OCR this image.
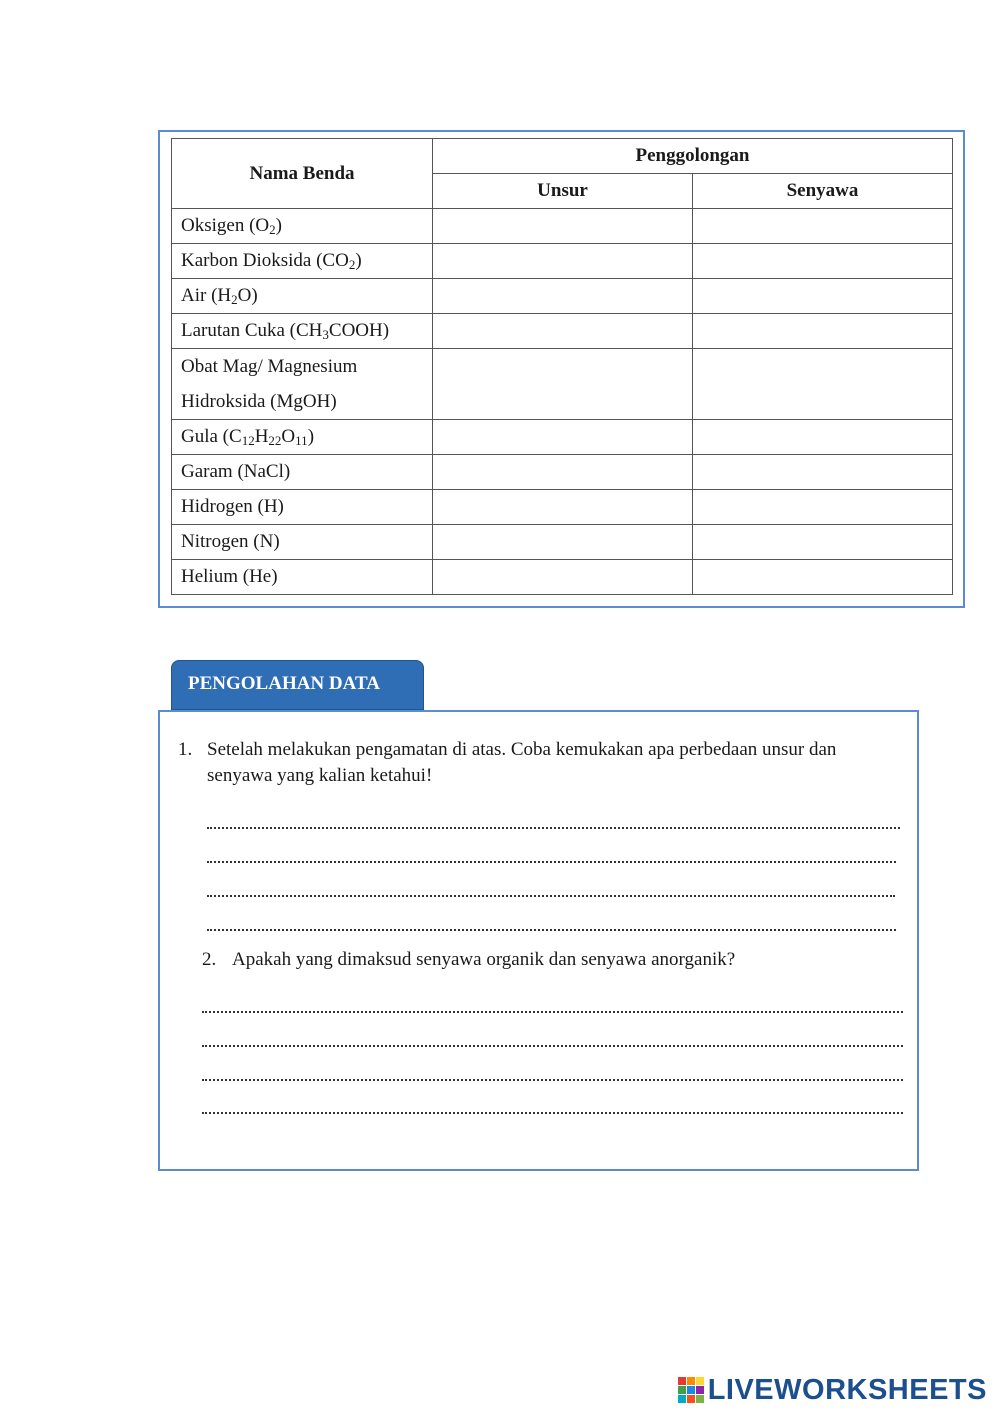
Nama Benda	Penggolongan	
	Unsur	Senyawa
Oksigen $(O_2)$		
Karbon Dioksida $(CO_2)$		
Air $(H_2O)$		
Larutan Cuka $(CH_3COOH)$		
Obat Mag/ Magnesium
Hidroksida (MgOH)		
Gula $(C_{12}H_{22}O_{11})$		
Garam (NaCl)		
Hidrogen (H)		
Nitrogen (N)		
Helium (He)		
PENGOLAHAN DATA
1. Setelah melakukan pengamatan di atas. Coba kemukakan apa perbedaan unsur dan
senyawa yang kalian ketahui!
2. Apakah yang dimaksud senyawa organik dan senyawa anorganik?
LIVEWORKSHEETS
